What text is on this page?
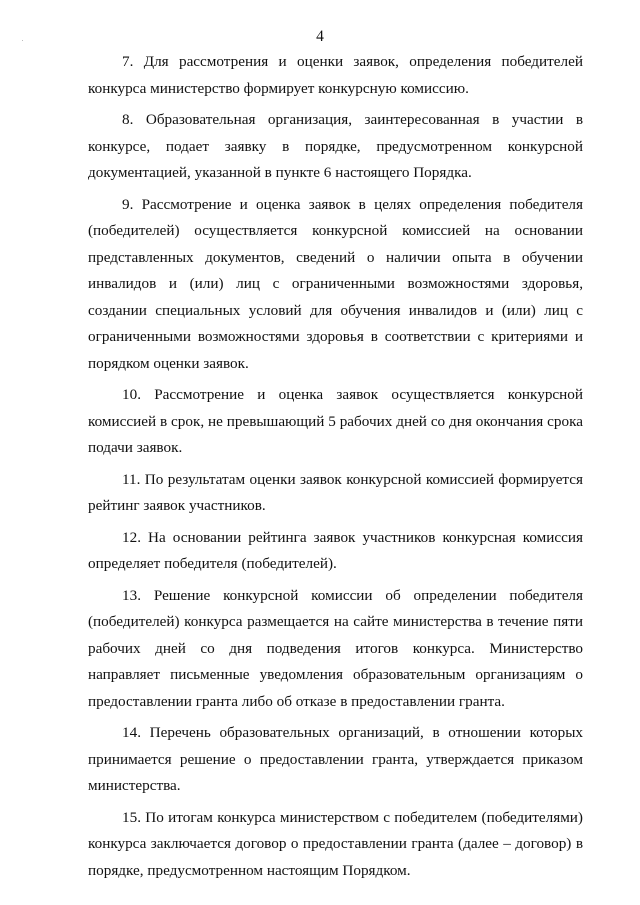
4

7. Для рассмотрения и оценки заявок, определения победителей конкурса министерство формирует конкурсную комиссию.

8. Образовательная организация, заинтересованная в участии в конкурсе, подает заявку в порядке, предусмотренном конкурсной документацией, указанной в пункте 6 настоящего Порядка.

9. Рассмотрение и оценка заявок в целях определения победителя (победителей) осуществляется конкурсной комиссией на основании представленных документов, сведений о наличии опыта в обучении инвалидов и (или) лиц с ограниченными возможностями здоровья, создании специальных условий для обучения инвалидов и (или) лиц с ограниченными возможностями здоровья в соответствии с критериями и порядком оценки заявок.

10. Рассмотрение и оценка заявок осуществляется конкурсной комиссией в срок, не превышающий 5 рабочих дней со дня окончания срока подачи заявок.

11. По результатам оценки заявок конкурсной комиссией формируется рейтинг заявок участников.

12. На основании рейтинга заявок участников конкурсная комиссия определяет победителя (победителей).

13. Решение конкурсной комиссии об определении победителя (победителей) конкурса размещается на сайте министерства в течение пяти рабочих дней со дня подведения итогов конкурса. Министерство направляет письменные уведомления образовательным организациям о предоставлении гранта либо об отказе в предоставлении гранта.

14. Перечень образовательных организаций, в отношении которых принимается решение о предоставлении гранта, утверждается приказом министерства.

15. По итогам конкурса министерством с победителем (победителями) конкурса заключается договор о предоставлении гранта (далее – договор) в порядке, предусмотренном настоящим Порядком.
